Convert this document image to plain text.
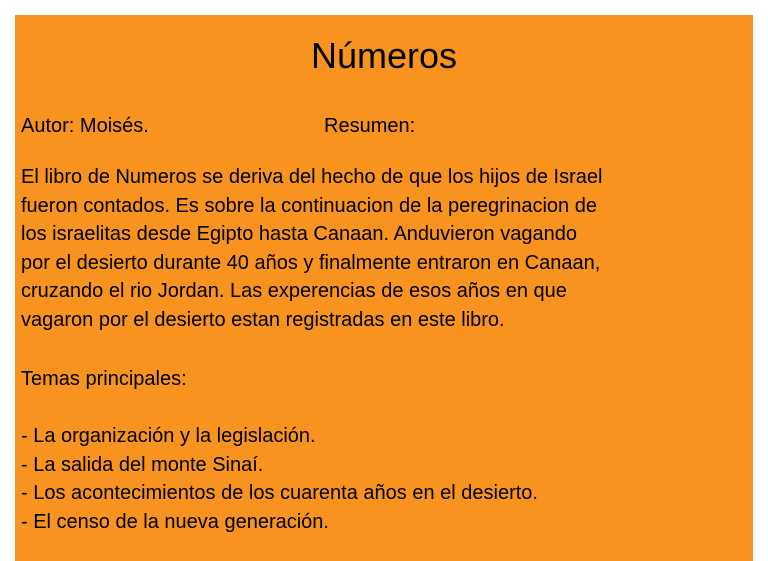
Números
Autor: Moisés.	Resumen:
El libro de Numeros se deriva del hecho de que los hijos de Israel
fueron contados. Es sobre la continuacion de la peregrinacion de
los israelitas desde Egipto hasta Canaan. Anduvieron vagando
por el desierto durante 40 años y finalmente entraron en Canaan,
cruzando el rio Jordan. Las experencias de esos años en que
vagaron por el desierto estan registradas en este libro.
Temas principales:
- La organización y la legislación.
- La salida del monte Sinaí.
- Los acontecimientos de los cuarenta años en el desierto.
- El censo de la nueva generación.
